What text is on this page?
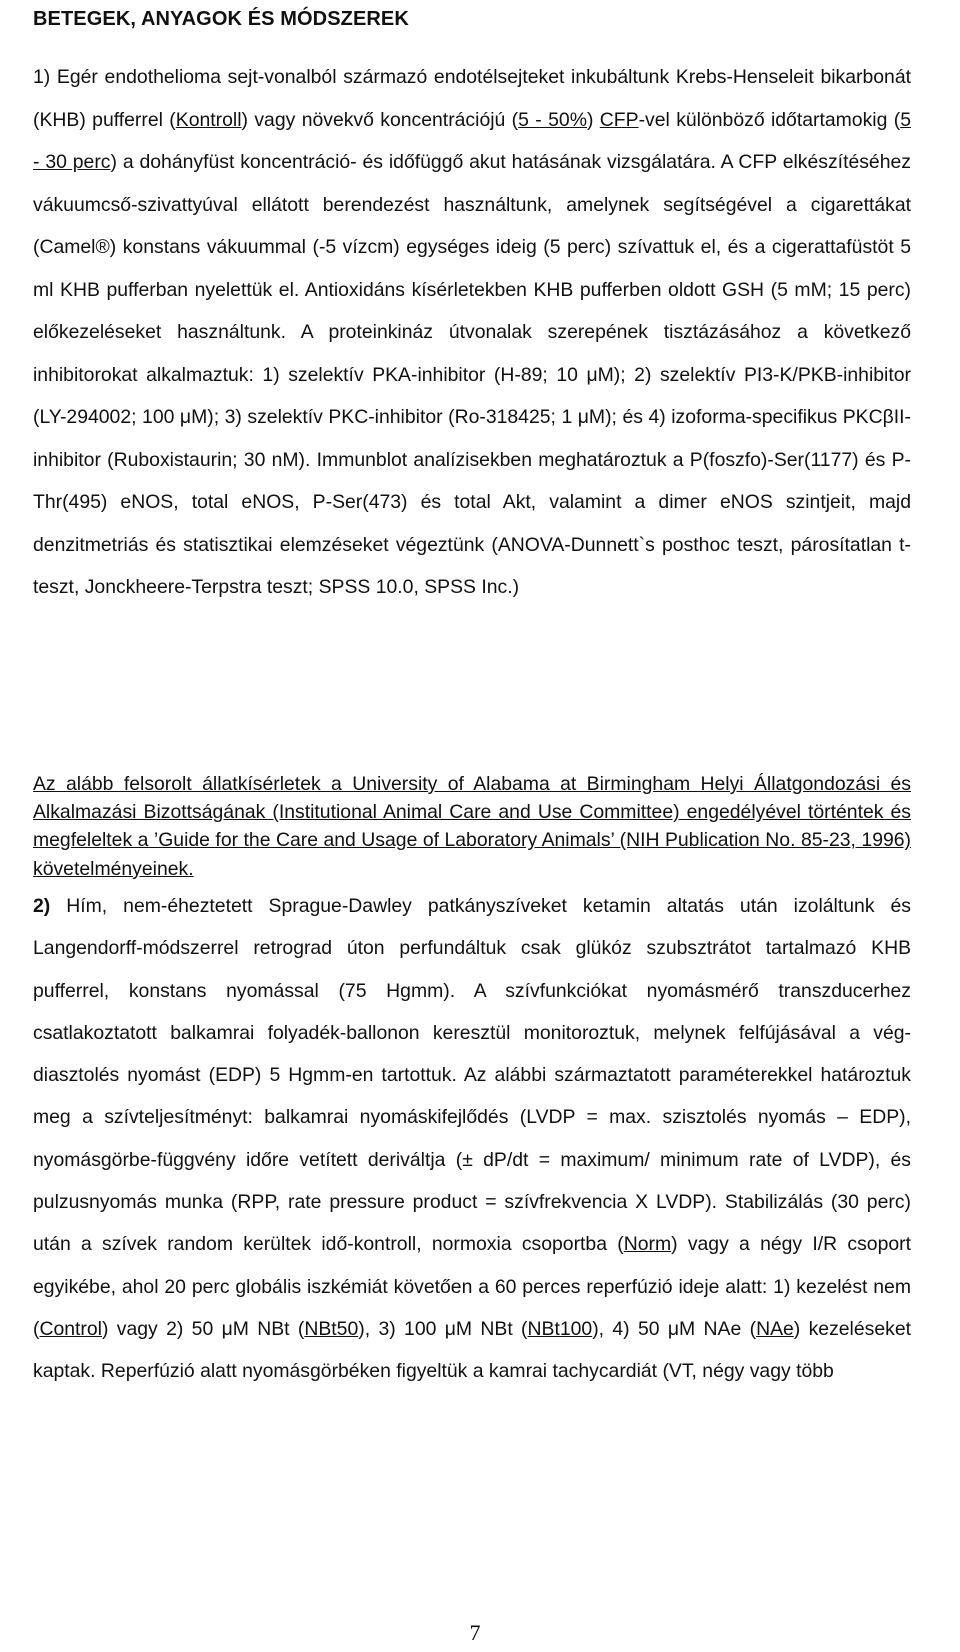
BETEGEK, ANYAGOK ÉS MÓDSZEREK
1) Egér endothelioma sejt-vonalból származó endotélsejteket inkubáltunk Krebs-Henseleit bikarbonát (KHB) pufferrel (Kontroll) vagy növekvő koncentrációjú (5 - 50%) CFP-vel különböző időtartamokig (5 - 30 perc) a dohányfüst koncentráció- és időfüggő akut hatásának vizsgálatára. A CFP elkészítéséhez vákuumcső-szivattyúval ellátott berendezést használtunk, amelynek segítségével a cigarettákat (Camel®) konstans vákuummal (-5 vízcm) egységes ideig (5 perc) szívattuk el, és a cigerattafüstöt 5 ml KHB pufferban nyelettük el. Antioxidáns kísérletekben KHB pufferben oldott GSH (5 mM; 15 perc) előkezeléseket használtunk. A proteinkináz útvonalak szerepének tisztázásához a következő inhibitorokat alkalmaztuk: 1) szelektív PKA-inhibitor (H-89; 10 μM); 2) szelektív PI3-K/PKB-inhibitor (LY-294002; 100 μM); 3) szelektív PKC-inhibitor (Ro-318425; 1 μM); és 4) izoforma-specifikus PKCβII-inhibitor (Ruboxistaurin; 30 nM). Immunblot analízisekben meghatároztuk a P(foszfo)-Ser(1177) és P-Thr(495) eNOS, total eNOS, P-Ser(473) és total Akt, valamint a dimer eNOS szintjeit, majd denzitmetriás és statisztikai elemzéseket végeztünk (ANOVA-Dunnett`s posthoc teszt, párosítatlan t-teszt, Jonckheere-Terpstra teszt; SPSS 10.0, SPSS Inc.)
Az alább felsorolt állatkísérletek a University of Alabama at Birmingham Helyi Állatgondozási és Alkalmazási Bizottságának (Institutional Animal Care and Use Committee) engedélyével történtek és megfeleltek a ’Guide for the Care and Usage of Laboratory Animals’ (NIH Publication No. 85-23, 1996) követelményeinek.
2) Hím, nem-éheztetett Sprague-Dawley patkányszíveket ketamin altatás után izoláltunk és Langendorff-módszerrel retrograd úton perfundáltuk csak glükóz szubsztrátot tartalmazó KHB pufferrel, konstans nyomással (75 Hgmm). A szívfunkciókat nyomásmérő transzducerhez csatlakoztatott balkamrai folyadék-ballonon keresztül monitoroztuk, melynek felfújásával a vég-diasztolés nyomást (EDP) 5 Hgmm-en tartottuk. Az alábbi származtatott paraméterekkel határoztuk meg a szívteljesítményt: balkamrai nyomáskifejlődés (LVDP = max. szisztolés nyomás – EDP), nyomásgörbe-függvény időre vetített deriváltja (± dP/dt = maximum/ minimum rate of LVDP), és pulzusnyomás munka (RPP, rate pressure product = szívfrekvencia X LVDP). Stabilizálás (30 perc) után a szívek random kerültek idő-kontroll, normoxia csoportba (Norm) vagy a négy I/R csoport egyikébe, ahol 20 perc globális iszkémiát követően a 60 perces reperfúzió ideje alatt: 1) kezelést nem (Control) vagy 2) 50 μM NBt (NBt50), 3) 100 μM NBt (NBt100), 4) 50 μM NAe (NAe) kezeléseket kaptak. Reperfúzió alatt nyomásgörbéken figyeltük a kamrai tachycardiát (VT, négy vagy több
7
